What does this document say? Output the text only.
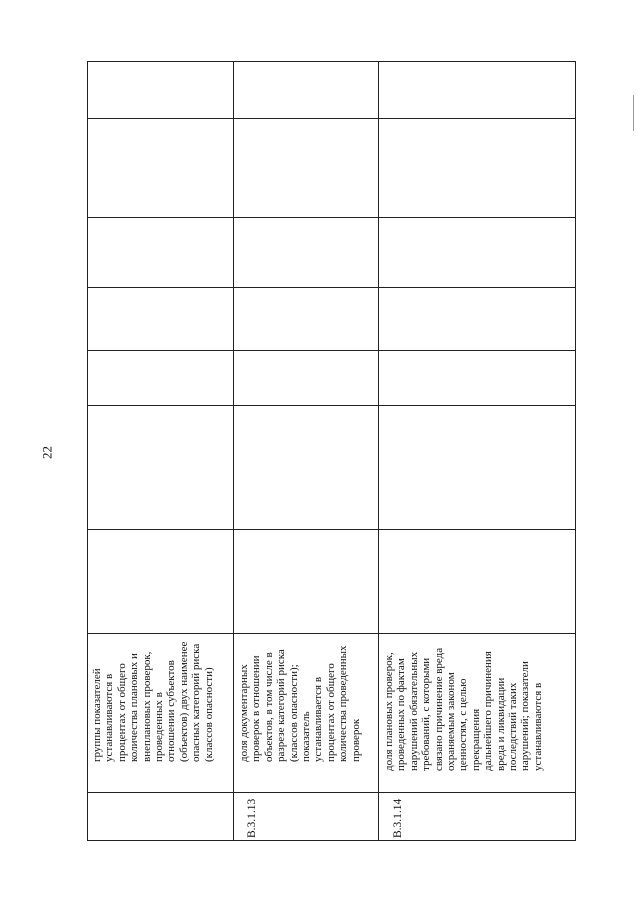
22
группы показателей
устанавливаются в
процентах от общего
количества плановых и
внеплановых проверок,
проведенных в
отношении субъектов
(объектов) двух наименее
опасных категорий риска
(классов опасности)
В.3.1.13
доля документарных
проверок в отношении
объектов, в том числе в
разрезе категорий риска
(классов опасности);
показатель
устанавливается в
процентах от общего
количества проведенных
проверок
В.3.1.14
доля плановых проверок,
проведенных по фактам
нарушений обязательных
требований, с которыми
связано причинение вреда
охраняемым законом
ценностям, с целью
прекращения
дальнейшего причинения
вреда и ликвидации
последствий таких
нарушений; показатели
устанавливаются в
